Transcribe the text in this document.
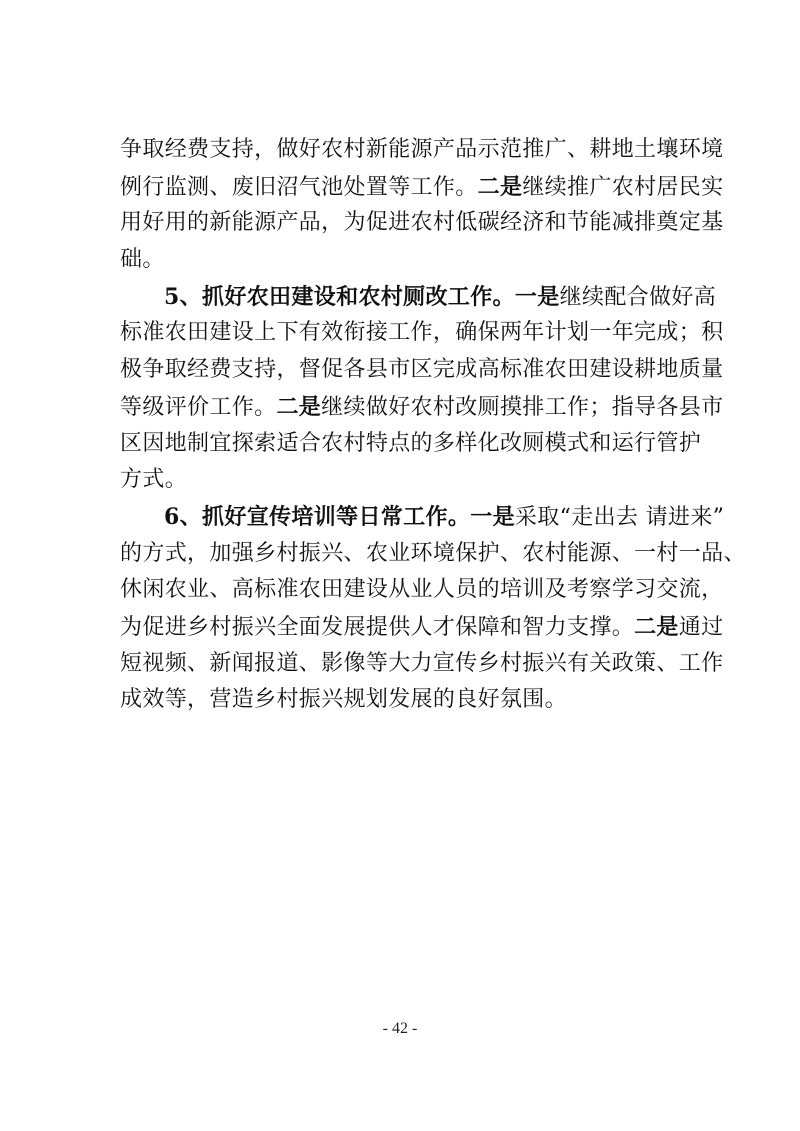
争取经费支持，做好农村新能源产品示范推广、耕地土壤环境
例行监测、废旧沼气池处置等工作。二是继续推广农村居民实
用好用的新能源产品，为促进农村低碳经济和节能减排奠定基
础。
5、抓好农田建设和农村厕改工作。一是继续配合做好高
标准农田建设上下有效衔接工作，确保两年计划一年完成；积
极争取经费支持，督促各县市区完成高标准农田建设耕地质量
等级评价工作。二是继续做好农村改厕摸排工作；指导各县市
区因地制宜探索适合农村特点的多样化改厕模式和运行管护
方式。
6、抓好宣传培训等日常工作。一是采取“走出去 请进来”
的方式，加强乡村振兴、农业环境保护、农村能源、一村一品、
休闲农业、高标准农田建设从业人员的培训及考察学习交流，
为促进乡村振兴全面发展提供人才保障和智力支撑。二是通过
短视频、新闻报道、影像等大力宣传乡村振兴有关政策、工作
成效等，营造乡村振兴规划发展的良好氛围。
- 42 -
